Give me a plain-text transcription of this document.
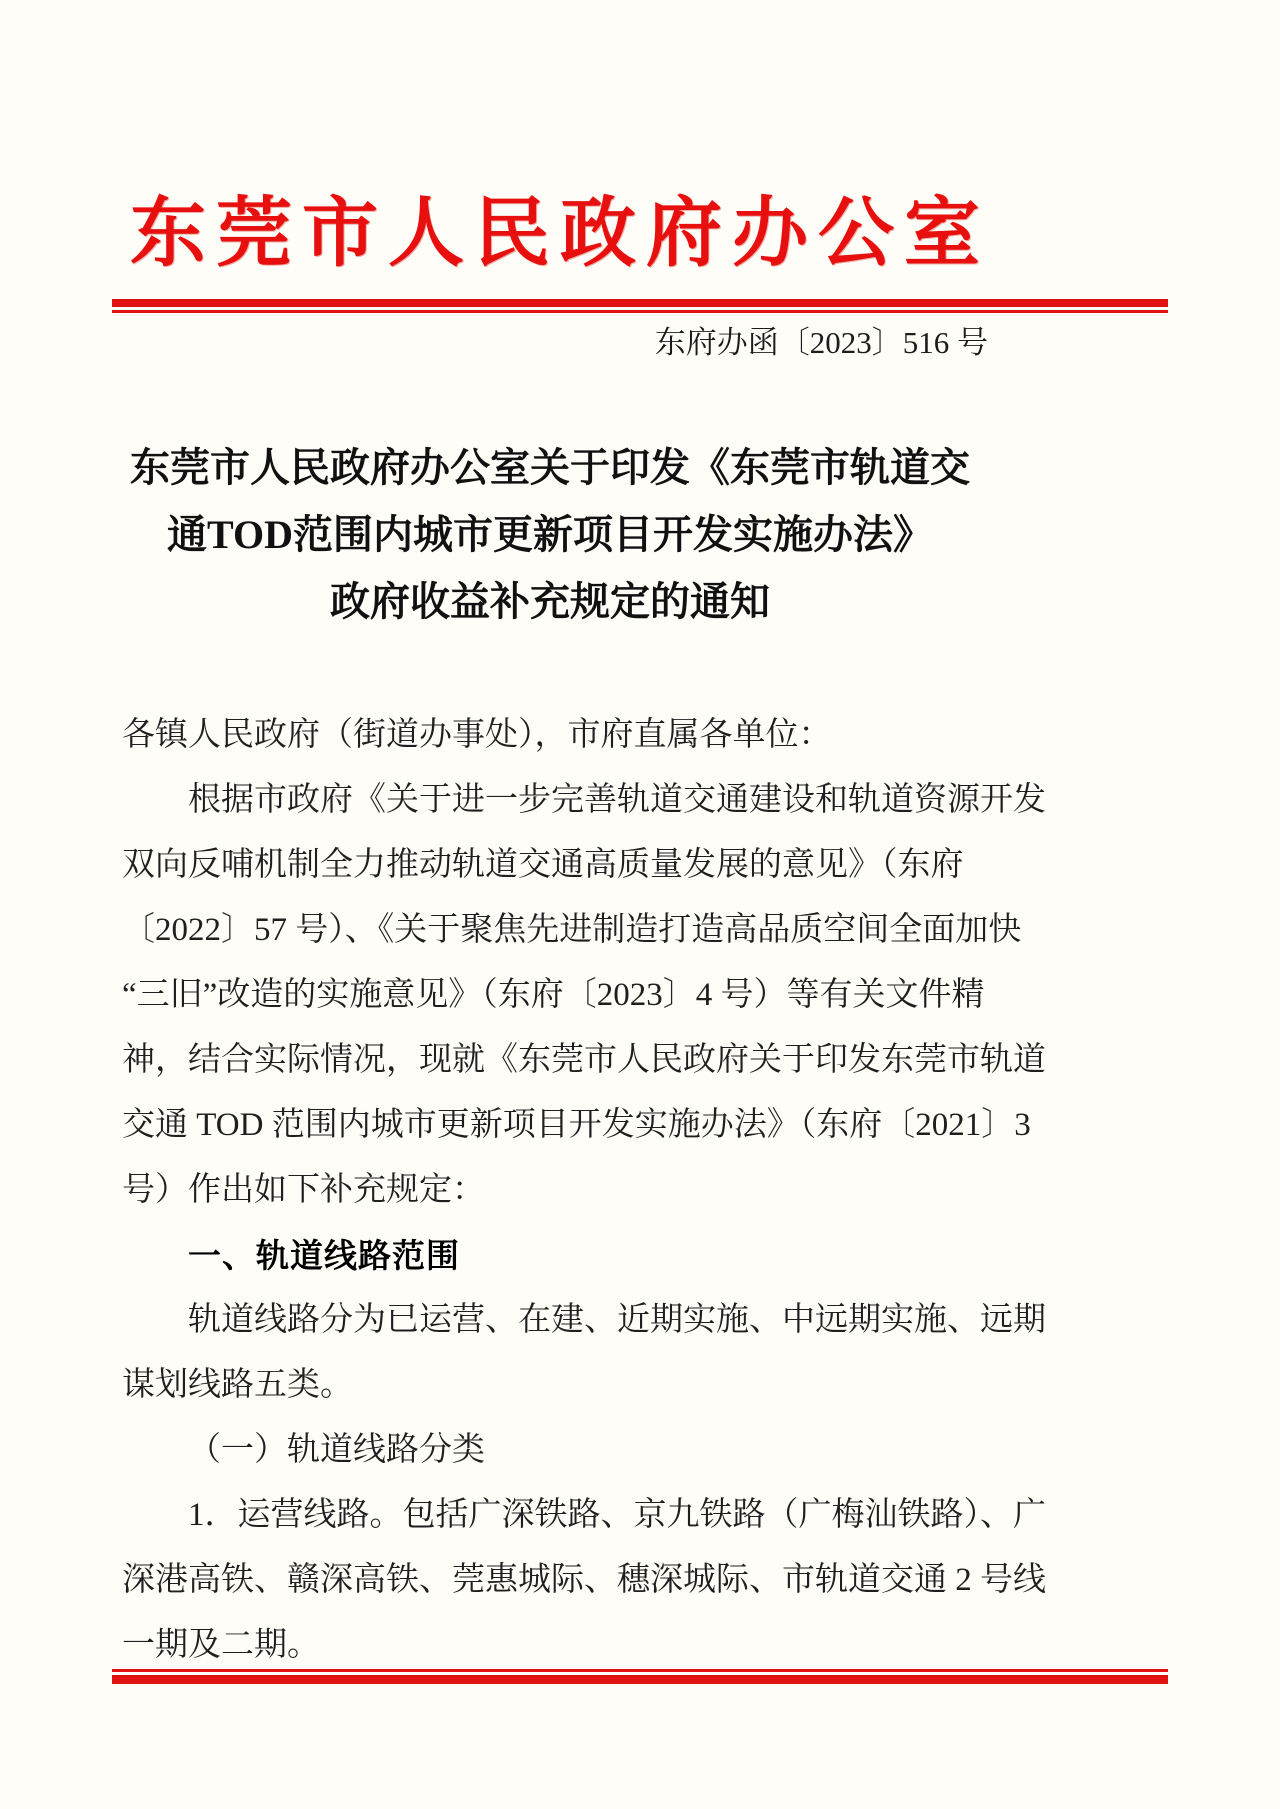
东莞市人民政府办公室
东府办函〔2023〕516 号
东莞市人民政府办公室关于印发《东莞市轨道交
通TOD范围内城市更新项目开发实施办法》
政府收益补充规定的通知

各镇人民政府（街道办事处），市府直属各单位：

根据市政府《关于进一步完善轨道交通建设和轨道资源开发

双向反哺机制全力推动轨道交通高质量发展的意见》（东府

〔2022〕57 号）、《关于聚焦先进制造打造高品质空间全面加快

“三旧”改造的实施意见》（东府〔2023〕4 号）等有关文件精

神，结合实际情况，现就《东莞市人民政府关于印发东莞市轨道

交通 TOD 范围内城市更新项目开发实施办法》（东府〔2021〕3

号）作出如下补充规定：

一、轨道线路范围

轨道线路分为已运营、在建、近期实施、中远期实施、远期

谋划线路五类。

（一）轨道线路分类

1．运营线路。包括广深铁路、京九铁路（广梅汕铁路）、广

深港高铁、赣深高铁、莞惠城际、穗深城际、市轨道交通 2 号线

一期及二期。
